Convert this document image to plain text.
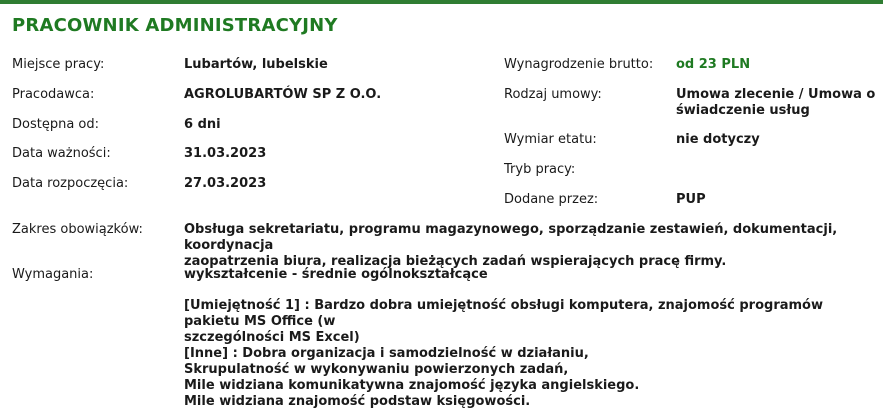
PRACOWNIK ADMINISTRACYJNY
Miejsce pracy:	Lubartów, lubelskie
Pracodawca:	AGROLUBARTÓW SP Z O.O.
Dostępna od:	6 dni
Data ważności:	31.03.2023
Data rozpoczęcia:	27.03.2023
Wynagrodzenie brutto: od 23 PLN
Rodzaj umowy:	Umowa zlecenie / Umowa o
świadczenie usług
Wymiar etatu:	nie dotyczy
Tryb pracy:
Dodane przez:	PUP
Zakres obowiązków:	Obsługa sekretariatu, programu magazynowego, sporządzanie zestawień, dokumentacji, koordynacja
zaopatrzenia biura, realizacja bieżących zadań wspierających pracę firmy.
Wymagania:	wykształcenie - średnie ogólnokształcące
[Umiejętność 1] : Bardzo dobra umiejętność obsługi komputera, znajomość programów pakietu MS Office (w
szczególności MS Excel)
[Inne] : Dobra organizacja i samodzielność w działaniu,
Skrupulatność w wykonywaniu powierzonych zadań,
Mile widziana komunikatywna znajomość języka angielskiego.
Mile widziana znajomość podstaw księgowości.
